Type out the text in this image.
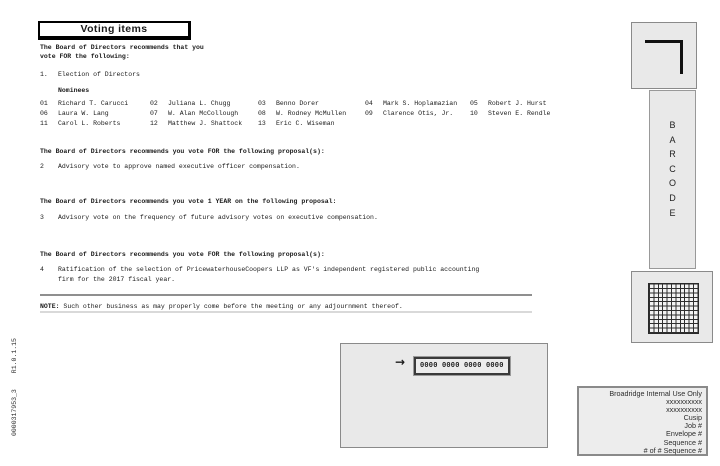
0000317953_3R1.0.1.15
Voting items
The Board of Directors recommends that you
vote FOR the following:
1. Election of Directors
Nominees
01 Richard T. Carucci	02 Juliana L. Chugg	03 Benno Dorer	04 Mark S. Hoplamazian	05 Robert J. Hurst
06 Laura W. Lang	07 W. Alan McCollough	08 W. Rodney McMullen	09 Clarence Otis, Jr.	10 Steven E. Rendle
11 Carol L. Roberts	12 Matthew J. Shattock	13 Eric C. Wiseman
The Board of Directors recommends you vote FOR the following proposal(s):
2 Advisory vote to approve named executive officer compensation.
The Board of Directors recommends you vote 1 YEAR on the following proposal:
3 Advisory vote on the frequency of future advisory votes on executive compensation.
The Board of Directors recommends you vote FOR the following proposal(s):
4 Ratification of the selection of PricewaterhouseCoopers LLP as VF's independent registered public accounting firm for the 2017 fiscal year.
NOTE: Such other business as may properly come before the meeting or any adjournment thereof.
→	0000 0000 0000 0000
B
A
R
C
O
D
E
Broadridge Internal Use Only
xxxxxxxxxx
xxxxxxxxxx
Cusip
Job #
Envelope #
Sequence #
# of # Sequence #
